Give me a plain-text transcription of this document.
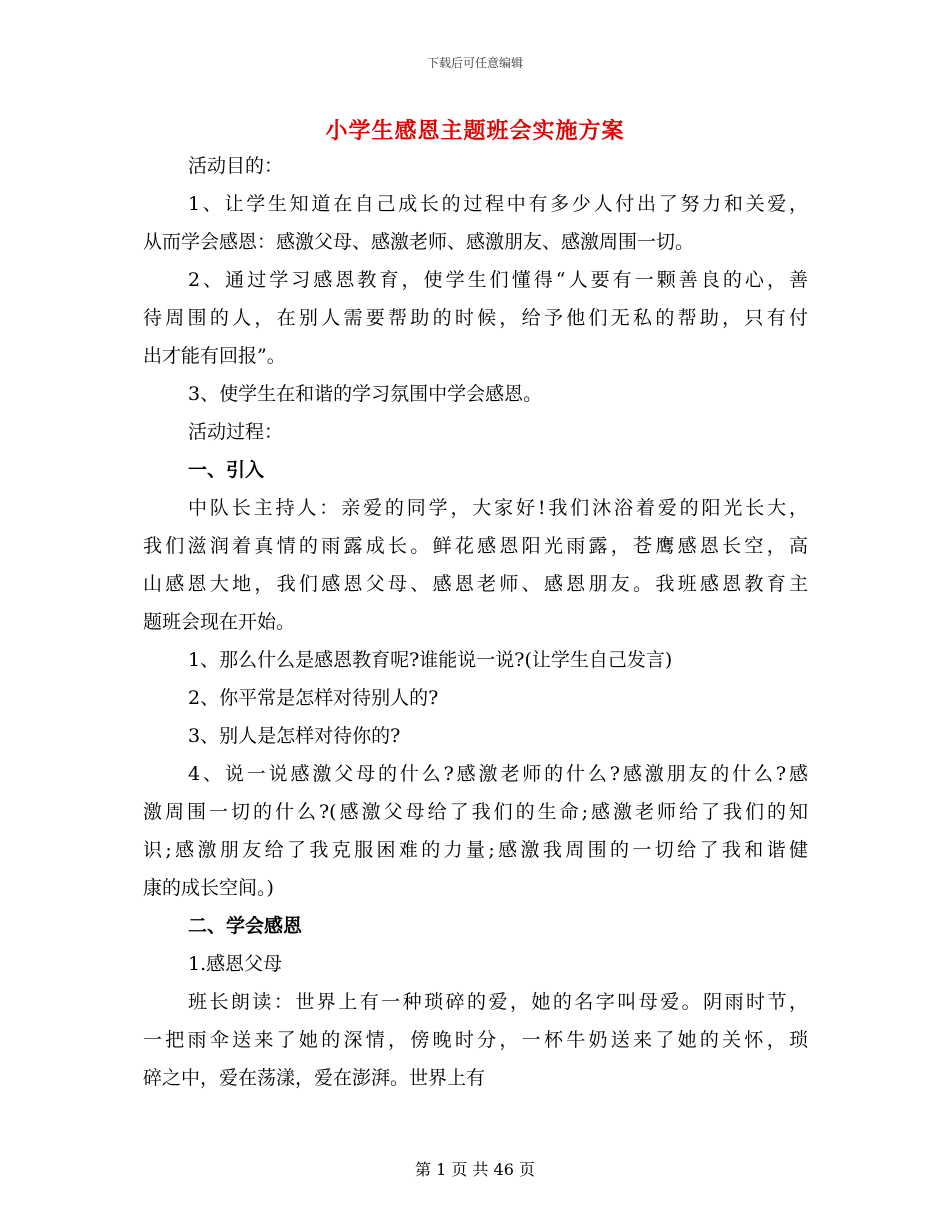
下载后可任意编辑
小学生感恩主题班会实施方案
活动目的：
1、让学生知道在自己成长的过程中有多少人付出了努力和关爱，
从而学会感恩：感激父母、感激老师、感激朋友、感激周围一切。
2、通过学习感恩教育，使学生们懂得“人要有一颗善良的心，善
待周围的人，在别人需要帮助的时候，给予他们无私的帮助，只有付
出才能有回报”。
3、使学生在和谐的学习氛围中学会感恩。
活动过程：
一、引入
中队长主持人：亲爱的同学，大家好!我们沐浴着爱的阳光长大，
我们滋润着真情的雨露成长。鲜花感恩阳光雨露，苍鹰感恩长空，高
山感恩大地，我们感恩父母、感恩老师、感恩朋友。我班感恩教育主
题班会现在开始。
1、那么什么是感恩教育呢?谁能说一说?(让学生自己发言)
2、你平常是怎样对待别人的?
3、别人是怎样对待你的?
4、说一说感激父母的什么?感激老师的什么?感激朋友的什么?感
激周围一切的什么?(感激父母给了我们的生命;感激老师给了我们的知
识;感激朋友给了我克服困难的力量;感激我周围的一切给了我和谐健
康的成长空间。)
二、学会感恩
1.感恩父母
班长朗读：世界上有一种琐碎的爱，她的名字叫母爱。阴雨时节，
一把雨伞送来了她的深情，傍晚时分，一杯牛奶送来了她的关怀，琐
碎之中，爱在荡漾，爱在澎湃。世界上有
第 1 页 共 46 页
